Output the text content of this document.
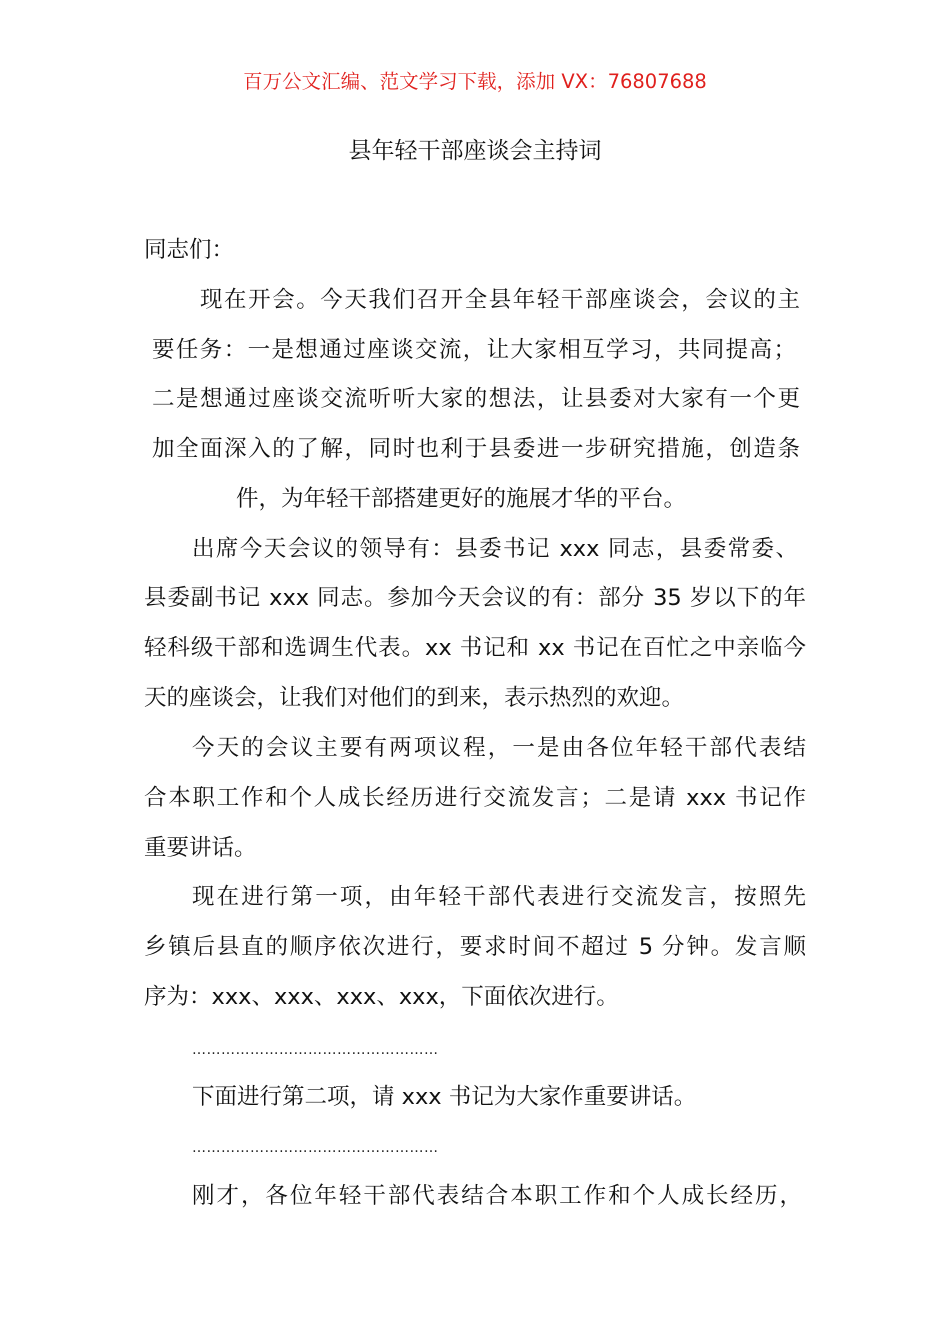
百万公文汇编、范文学习下载，添加 VX：76807688
县年轻干部座谈会主持词
同志们：
现在开会。今天我们召开全县年轻干部座谈会，会议的主
要任务：一是想通过座谈交流，让大家相互学习，共同提高；
二是想通过座谈交流听听大家的想法，让县委对大家有一个更
加全面深入的了解，同时也利于县委进一步研究措施，创造条
件，为年轻干部搭建更好的施展才华的平台。
出席今天会议的领导有：县委书记 xxx 同志，县委常委、
县委副书记 xxx 同志。参加今天会议的有：部分 35 岁以下的年
轻科级干部和选调生代表。xx 书记和 xx 书记在百忙之中亲临今
天的座谈会，让我们对他们的到来，表示热烈的欢迎。
今天的会议主要有两项议程，一是由各位年轻干部代表结
合本职工作和个人成长经历进行交流发言；二是请 xxx 书记作
重要讲话。
现在进行第一项，由年轻干部代表进行交流发言，按照先
乡镇后县直的顺序依次进行，要求时间不超过 5 分钟。发言顺
序为：xxx、xxx、xxx、xxx，下面依次进行。
……………………………………………
下面进行第二项，请 xxx 书记为大家作重要讲话。
……………………………………………
刚才，各位年轻干部代表结合本职工作和个人成长经历，
